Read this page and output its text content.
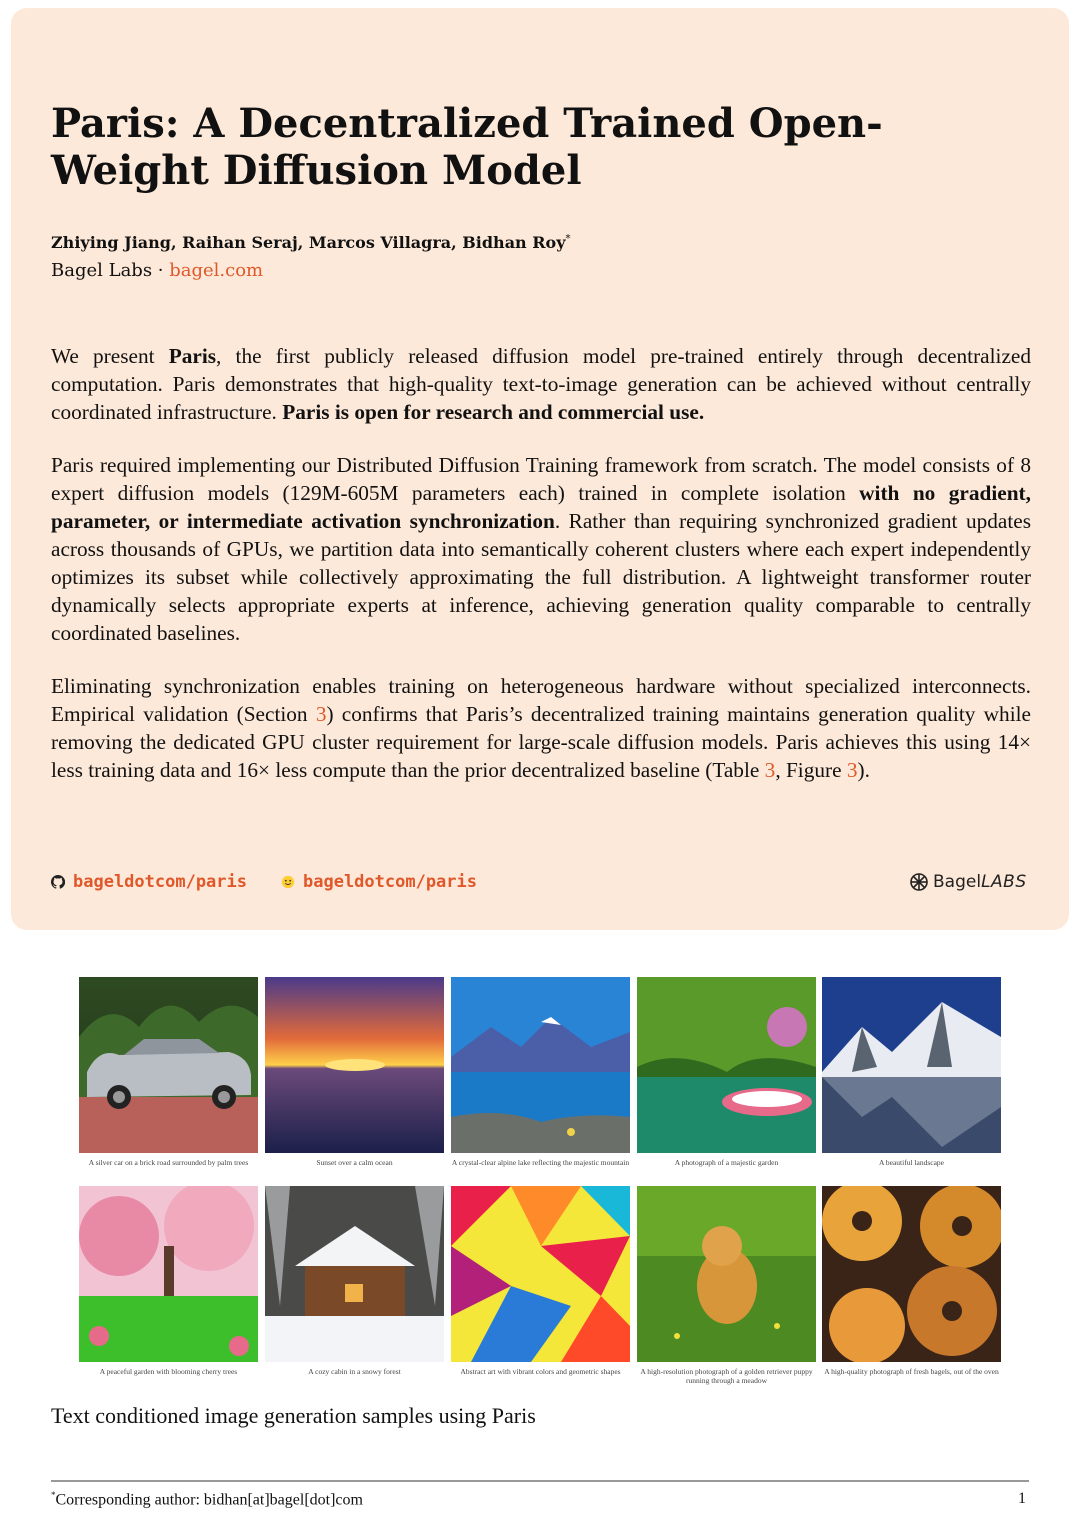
Paris: A Decentralized Trained Open-Weight Diffusion Model
Zhiying Jiang, Raihan Seraj, Marcos Villagra, Bidhan Roy*
Bagel Labs · bagel.com

We present Paris, the first publicly released diffusion model pre-trained entirely through decentralized computation. Paris demonstrates that high-quality text-to-image generation can be achieved without centrally coordinated infrastructure. Paris is open for research and commercial use.

Paris required implementing our Distributed Diffusion Training framework from scratch. The model consists of 8 expert diffusion models (129M-605M parameters each) trained in complete isolation with no gradient, parameter, or intermediate activation synchronization. Rather than requiring synchronized gradient updates across thousands of GPUs, we partition data into semantically coherent clusters where each expert independently optimizes its subset while collectively approximating the full distribution. A lightweight transformer router dynamically selects appropriate experts at inference, achieving generation quality comparable to centrally coordinated baselines.

Eliminating synchronization enables training on heterogeneous hardware without specialized interconnects. Empirical validation (Section 3) confirms that Paris’s decentralized training maintains generation quality while removing the dedicated GPU cluster requirement for large-scale diffusion models. Paris achieves this using 14× less training data and 16× less compute than the prior decentralized baseline (Table 3, Figure 3).

bageldotcom/paris	bageldotcom/paris	Bagel LABS
A silver car on a brick road surrounded by palm trees	Sunset over a calm ocean	A crystal-clear alpine lake reflecting the majestic mountain	A photograph of a majestic garden	A beautiful landscape
A peaceful garden with blooming cherry trees	A cozy cabin in a snowy forest	Abstract art with vibrant colors and geometric shapes	A high-resolution photograph of a golden retriever puppy running through a meadow
A high-quality photograph of fresh bagels, out of the oven
Text conditioned image generation samples using Paris
*Corresponding author: bidhan[at]bagel[dot]com	1
